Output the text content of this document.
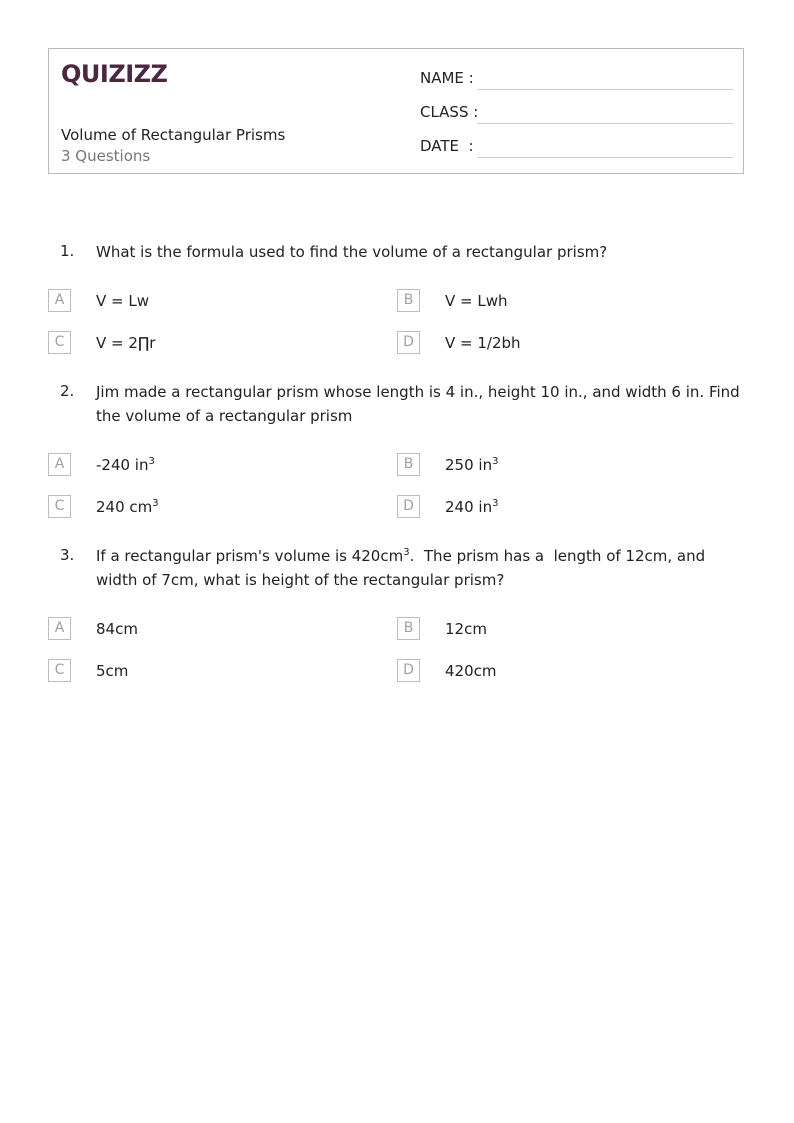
QUIZIZZ
Volume of Rectangular Prisms
3 Questions
NAME :
CLASS :
DATE  :
1. What is the formula used to find the volume of a rectangular prism?
A	V = Lw	B	V = Lwh
C	V = 2∏r	D	V = 1/2bh
2. Jim made a rectangular prism whose length is 4 in., height 10 in., and width 6 in. Find the volume of a rectangular prism
A	-240 $in^3$	B	250 $in^3$
C	240 $cm^3$	D	240 $in^3$
3. If a rectangular prism's volume is $420cm^3$.  The prism has a  length of 12cm, and width of 7cm, what is height of the rectangular prism?
A	84cm	B	12cm
C	5cm	D	420cm
